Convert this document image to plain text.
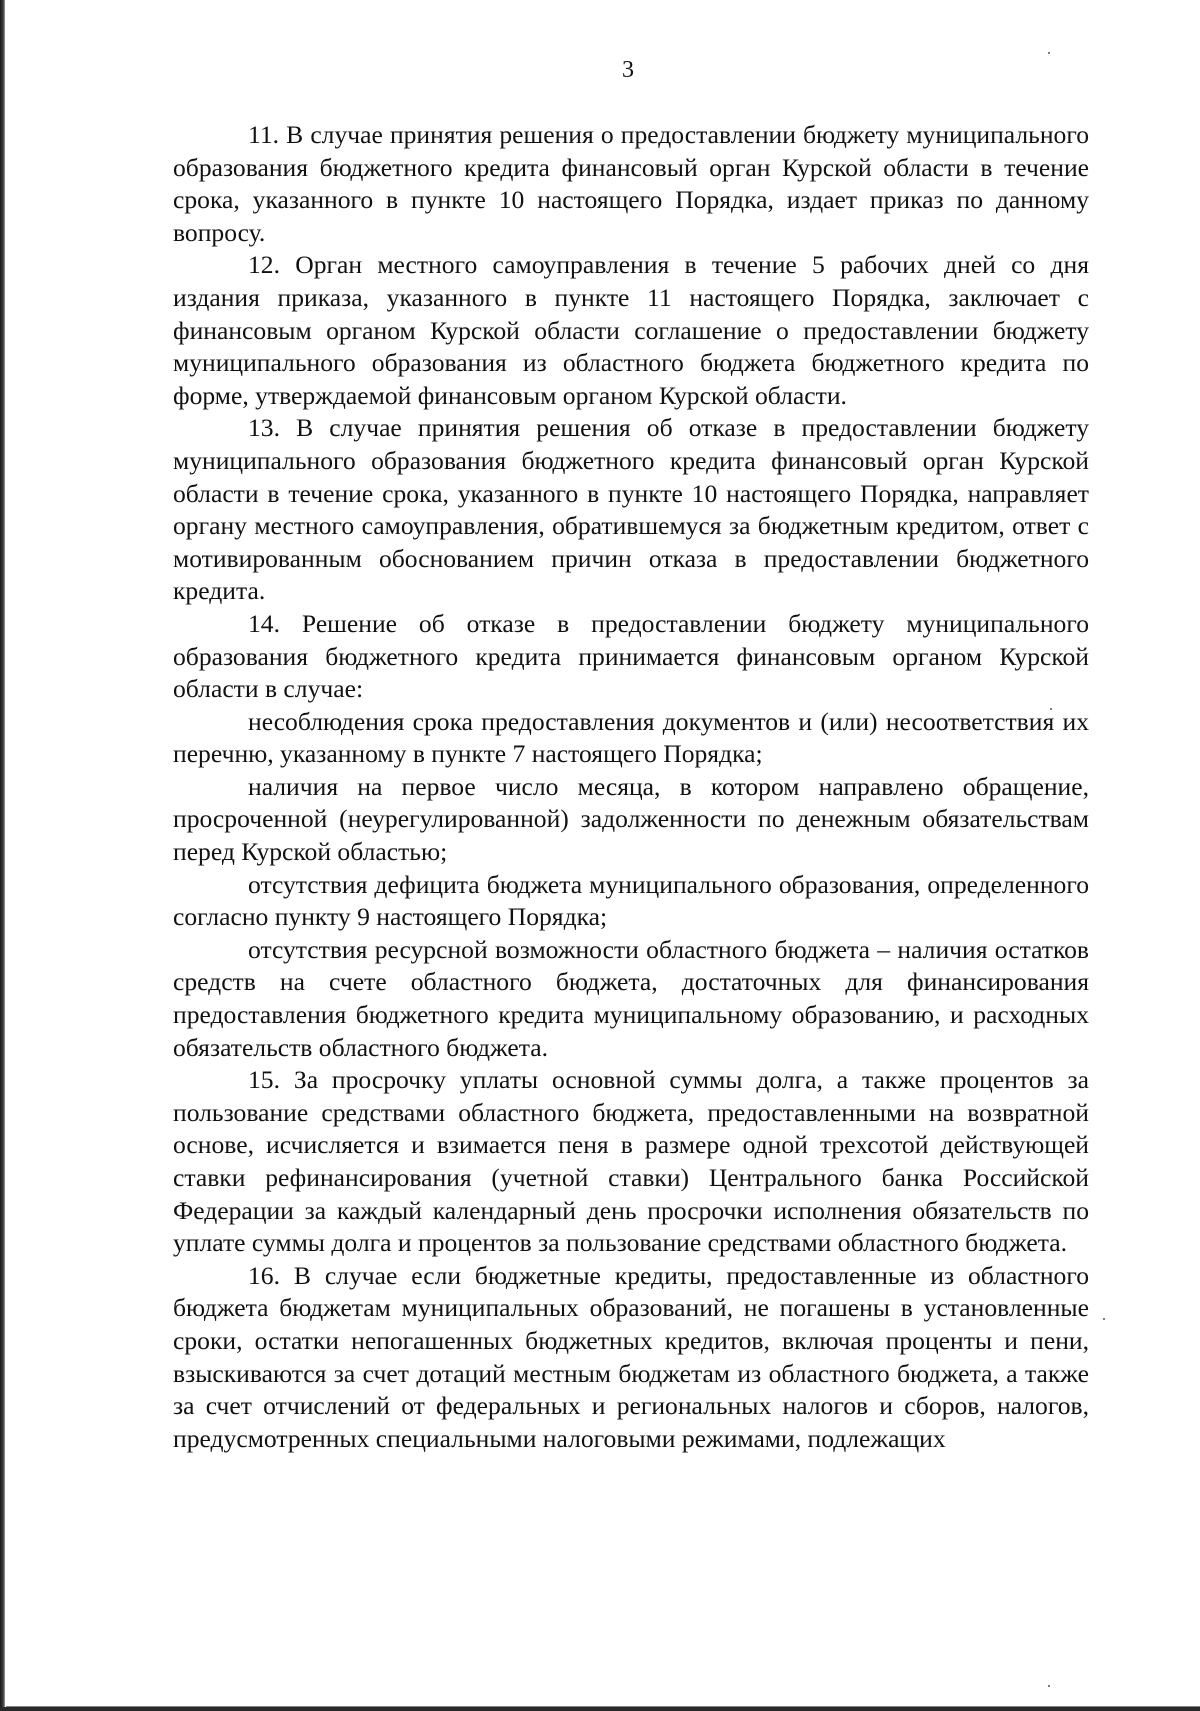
3

11. В случае принятия решения о предоставлении бюджету муниципального образования бюджетного кредита финансовый орган Курской области в течение срока, указанного в пункте 10 настоящего Порядка, издает приказ по данному вопросу.

12. Орган местного самоуправления в течение 5 рабочих дней со дня издания приказа, указанного в пункте 11 настоящего Порядка, заключает с финансовым органом Курской области соглашение о предоставлении бюджету муниципального образования из областного бюджета бюджетного кредита по форме, утверждаемой финансовым органом Курской области.

13. В случае принятия решения об отказе в предоставлении бюджету муниципального образования бюджетного кредита финансовый орган Курской области в течение срока, указанного в пункте 10 настоящего Порядка, направляет органу местного самоуправления, обратившемуся за бюджетным кредитом, ответ с мотивированным обоснованием причин отказа в предоставлении бюджетного кредита.

14. Решение об отказе в предоставлении бюджету муниципального образования бюджетного кредита принимается финансовым органом Курской области в случае:

несоблюдения срока предоставления документов и (или) несоответствия их перечню, указанному в пункте 7 настоящего Порядка;

наличия на первое число месяца, в котором направлено обращение, просроченной (неурегулированной) задолженности по денежным обязательствам перед Курской областью;

отсутствия дефицита бюджета муниципального образования, определенного согласно пункту 9 настоящего Порядка;

отсутствия ресурсной возможности областного бюджета – наличия остатков средств на счете областного бюджета, достаточных для финансирования предоставления бюджетного кредита муниципальному образованию, и расходных обязательств областного бюджета.

15. За просрочку уплаты основной суммы долга, а также процентов за пользование средствами областного бюджета, предоставленными на возвратной основе, исчисляется и взимается пеня в размере одной трехсотой действующей ставки рефинансирования (учетной ставки) Центрального банка Российской Федерации за каждый календарный день просрочки исполнения обязательств по уплате суммы долга и процентов за пользование средствами областного бюджета.

16. В случае если бюджетные кредиты, предоставленные из областного бюджета бюджетам муниципальных образований, не погашены в установленные сроки, остатки непогашенных бюджетных кредитов, включая проценты и пени, взыскиваются за счет дотаций местным бюджетам из областного бюджета, а также за счет отчислений от федеральных и региональных налогов и сборов, налогов, предусмотренных специальными налоговыми режимами, подлежащих
